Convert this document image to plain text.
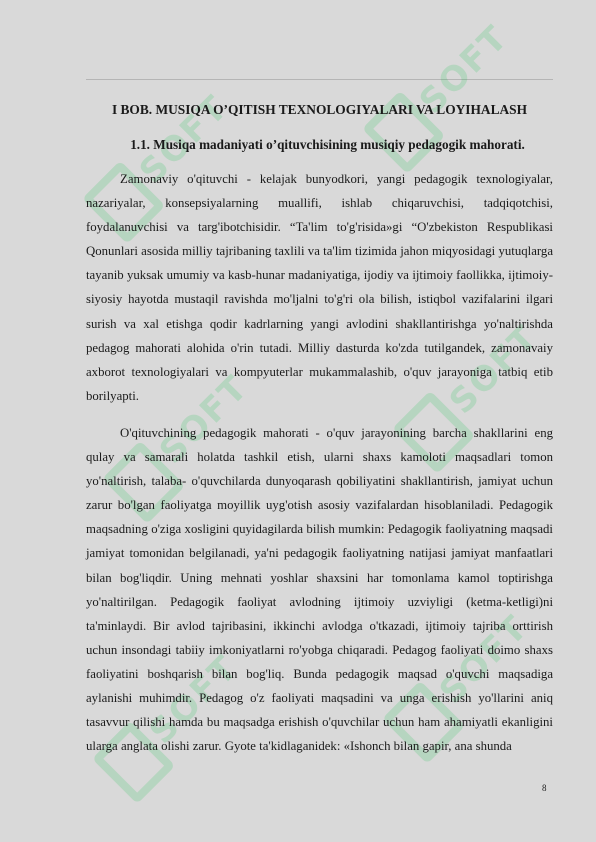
SOFT
SOFT
SOFT	SOFT
SOFT	SOFT
I BOB. MUSIQA O’QITISH TEXNOLOGIYALARI VA LOYIHALASH
1.1. Musiqa madaniyati o’qituvchisining musiqiy pedagogik mahorati.

Zamonaviy o'qituvchi - kelajak bunyodkori, yangi pedagogik texnologiyalar, nazariyalar, konsepsiyalarning muallifi, ishlab chiqaruvchisi, tadqiqotchisi, foydalanuvchisi va targ'ibotchisidir. “Ta'lim to'g'risida»gi “O'zbekiston Respublikasi Qonunlari asosida milliy tajribaning taxlili va ta'lim tizimida jahon miqyosidagi yutuqlarga tayanib yuksak umumiy va kasb-hunar madaniyatiga, ijodiy va ijtimoiy faollikka, ijtimoiy-siyosiy hayotda mustaqil ravishda mo'ljalni to'g'ri ola bilish, istiqbol vazifalarini ilgari surish va xal etishga qodir kadrlarning yangi avlodini shakllantirishga yo'naltirishda pedagog mahorati alohida o'rin tutadi. Milliy dasturda ko'zda tutilgandek, zamonavaiy axborot texnologiyalari va kompyuterlar mukammalashib, o'quv jarayoniga tatbiq etib borilyapti.

O'qituvchining pedagogik mahorati - o'quv jarayonining barcha shakllarini eng qulay va samarali holatda tashkil etish, ularni shaxs kamoloti maqsadlari tomon yo'naltirish, talaba- o'quvchilarda dunyoqarash qobiliyatini shakllantirish, jamiyat uchun zarur bo'lgan faoliyatga moyillik uyg'otish asosiy vazifalardan hisoblaniladi. Pedagogik maqsadning o'ziga xosligini quyidagilarda bilish mumkin: Pedagogik faoliyatning maqsadi jamiyat tomonidan belgilanadi, ya'ni pedagogik faoliyatning natijasi jamiyat manfaatlari bilan bog'liqdir. Uning mehnati yoshlar shaxsini har tomonlama kamol toptirishga yo'naltirilgan. Pedagogik faoliyat avlodning ijtimoiy uzviyligi (ketma-ketligi)ni ta'minlaydi. Bir avlod tajribasini, ikkinchi avlodga o'tkazadi, ijtimoiy tajriba orttirish uchun insondagi tabiiy imkoniyatlarni ro'yobga chiqaradi. Pedagog faoliyati doimo shaxs faoliyatini boshqarish bilan bog'liq. Bunda pedagogik maqsad o'quvchi maqsadiga aylanishi muhimdir. Pedagog o'z faoliyati maqsadini va unga erishish yo'llarini aniq tasavvur qilishi hamda bu maqsadga erishish o'quvchilar uchun ham ahamiyatli ekanligini ularga anglata olishi zarur. Gyote ta'kidlaganidek: «Ishonch bilan gapir, ana shunda

8
